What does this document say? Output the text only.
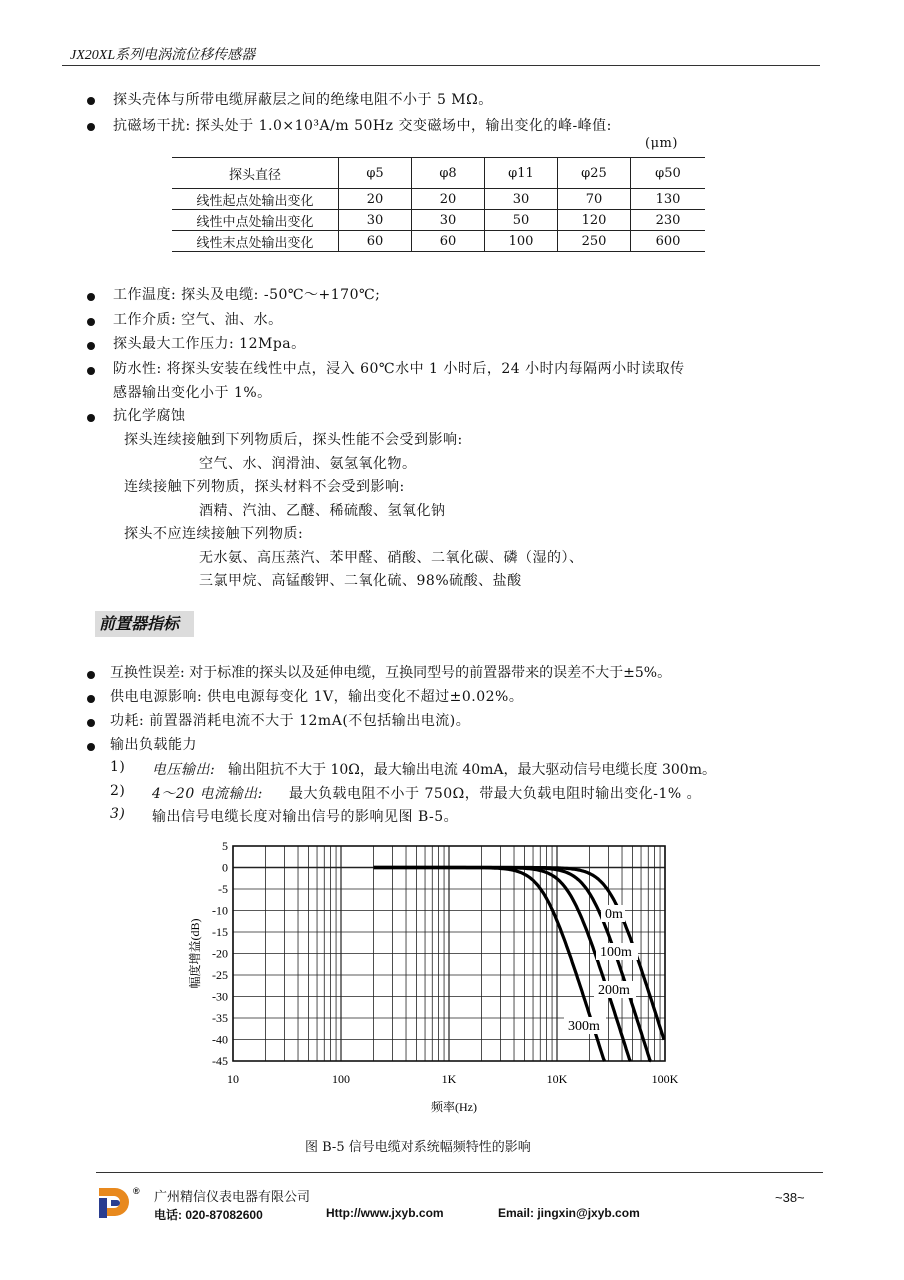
JX20XL系列电涡流位移传感器
探头壳体与所带电缆屏蔽层之间的绝缘电阻不小于 5 MΩ。
抗磁场干扰: 探头处于 1.0×10³A/m 50Hz 交变磁场中，输出变化的峰-峰值:
(μm)
探头直径	φ5	φ8	φ11	φ25	φ50
线性起点处输出变化	20	20	30	70	130
线性中点处输出变化	30	30	50	120	230
线性末点处输出变化	60	60	100	250	600
工作温度: 探头及电缆: -50℃～+170℃;
工作介质: 空气、油、水。
探头最大工作压力: 12Mpa。
防水性: 将探头安装在线性中点，浸入 60℃水中 1 小时后，24 小时内每隔两小时读取传
感器输出变化小于 1%。
抗化学腐蚀
探头连续接触到下列物质后，探头性能不会受到影响:
空气、水、润滑油、氨氢氧化物。
连续接触下列物质，探头材料不会受到影响:
酒精、汽油、乙醚、稀硫酸、氢氧化钠
探头不应连续接触下列物质:
无水氨、高压蒸汽、苯甲醛、硝酸、二氧化碳、磷（湿的）、
三氯甲烷、高锰酸钾、二氧化硫、98%硫酸、盐酸
前置器指标
互换性误差: 对于标准的探头以及延伸电缆，互换同型号的前置器带来的误差不大于±5%。
供电电源影响: 供电电源每变化 1V，输出变化不超过±0.02%。
功耗: 前置器消耗电流不大于 12mA(不包括输出电流)。
输出负载能力
1) 电压输出: 输出阻抗不大于 10Ω，最大输出电流 40mA，最大驱动信号电缆长度 300m。
2) 4～20 电流输出: 最大负载电阻不小于 750Ω，带最大负载电阻时输出变化-1% 。
3) 输出信号电缆长度对输出信号的影响见图 B-5。
0m
100m
200m
300m
5
0
-5
-10
-15
-20
-25
-30
-35
-40
-45
10	100	1K	10K	100K
频率(Hz)
幅度增益(dB)
图 B-5 信号电缆对系统幅频特性的影响
® 广州精信仪表电器有限公司
电话: 020-87082600	Http://www.jxyb.com	Email: jingxin@jxyb.com
~38~
